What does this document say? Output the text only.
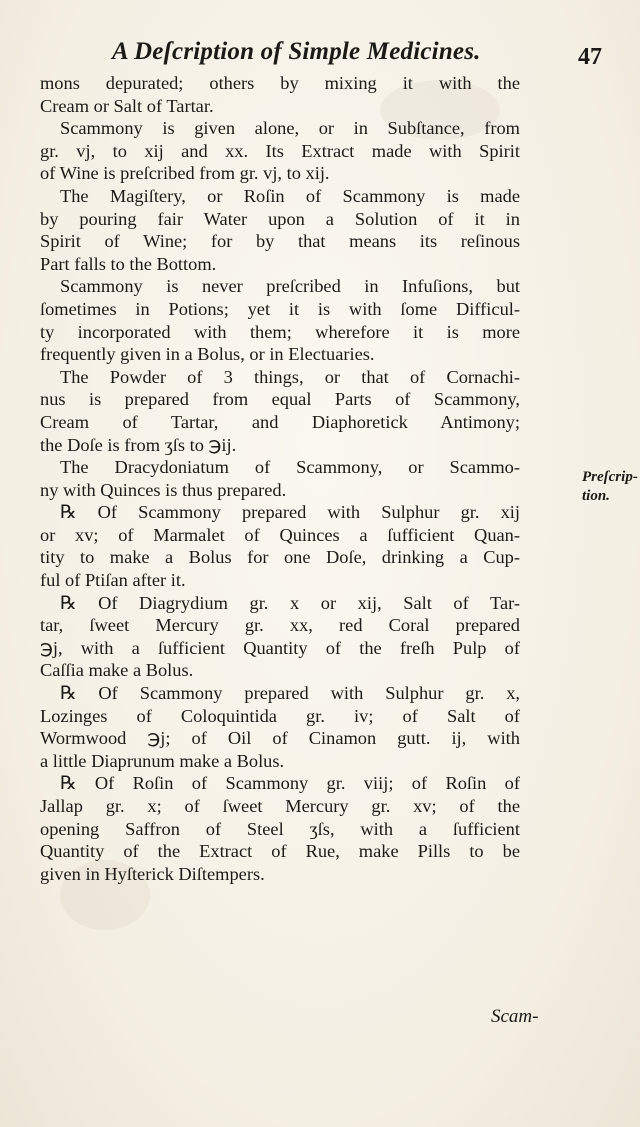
A Deſcription of Simple Medicines.	47
mons depurated; others by mixing it with the
Cream or Salt of Tartar.
Scammony is given alone, or in Subſtance, from
gr. vj, to xij and xx. Its Extract made with Spirit
of Wine is preſcribed from gr. vj, to xij.
The Magiſtery, or Roſin of Scammony is made
by pouring fair Water upon a Solution of it in
Spirit of Wine; for by that means its reſinous
Part falls to the Bottom.
Scammony is never preſcribed in Infuſions, but
ſometimes in Potions; yet it is with ſome Difficul-
ty incorporated with them; wherefore it is more
frequently given in a Bolus, or in Electuaries.
The Powder of 3 things, or that of Cornachi-
nus is prepared from equal Parts of Scammony,
Cream of Tartar, and Diaphoretick Antimony;
the Doſe is from ʒſs to ℈ij.
The Dracydoniatum of Scammony, or Scammo-
ny with Quinces is thus prepared.
℞ Of Scammony prepared with Sulphur gr. xij
or xv; of Marmalet of Quinces a ſufficient Quan-
tity to make a Bolus for one Doſe, drinking a Cup-
ful of Ptiſan after it.
℞ Of Diagrydium gr. x or xij, Salt of Tar-
tar, ſweet Mercury gr. xx, red Coral prepared
℈j, with a ſufficient Quantity of the freſh Pulp of
Caſſia make a Bolus.
℞ Of Scammony prepared with Sulphur gr. x,
Lozinges of Coloquintida gr. iv; of Salt of
Wormwood ℈j; of Oil of Cinamon gutt. ij, with
a little Diaprunum make a Bolus.
℞ Of Roſin of Scammony gr. viij; of Roſin of
Jallap gr. x; of ſweet Mercury gr. xv; of the
opening Saffron of Steel ʒſs, with a ſufficient
Quantity of the Extract of Rue, make Pills to be
given in Hyſterick Diſtempers.
Preſcrip-
tion.
Scam-
